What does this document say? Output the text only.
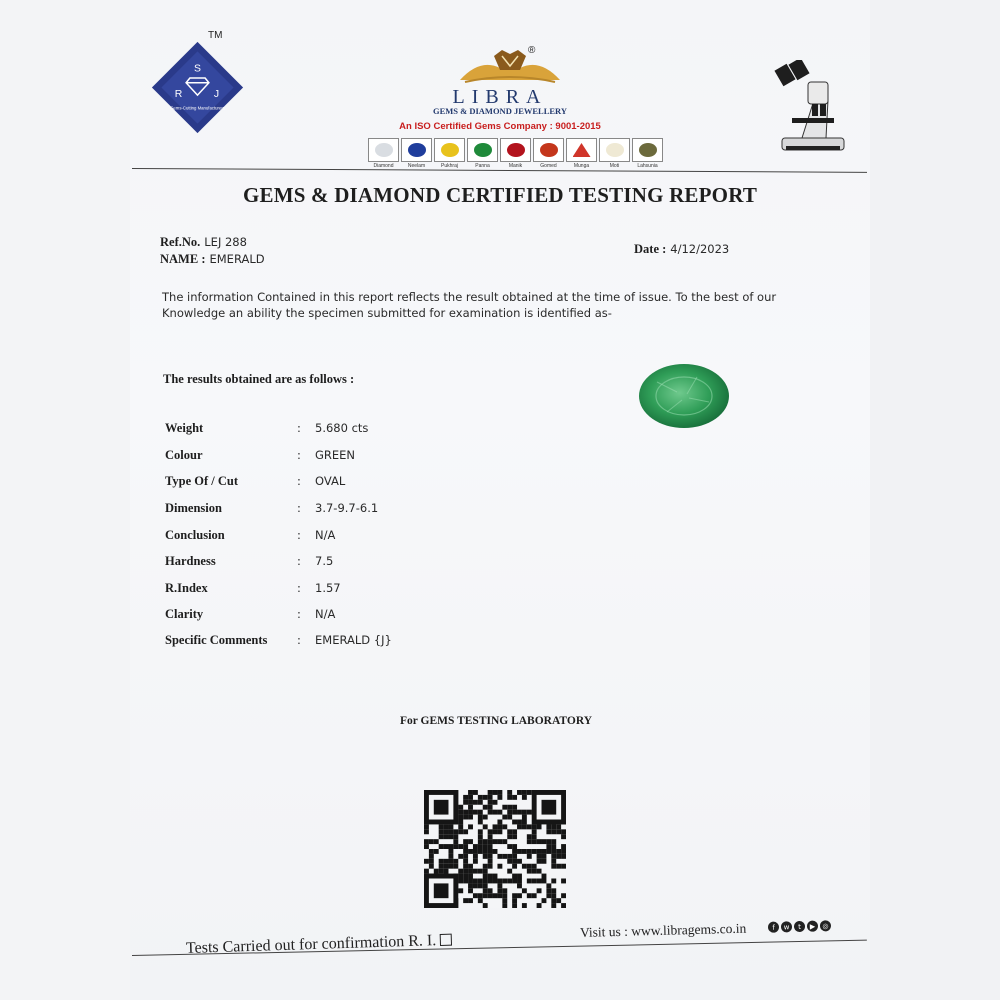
S
R	J
Gems-Cutting Manufacturers
TM
®
LIBRA
GEMS & DIAMOND JEWELLERY
An ISO Certified Gems Company : 9001-2015
Diamond	Neelam	Pukhraj	Panna	Manik	Gomed	Munga	Moti	Lahsunia
GEMS & DIAMOND CERTIFIED TESTING REPORT
Ref.No. LEJ 288
NAME : EMERALD
Date : 4/12/2023
The information Contained in this report reflects the result obtained at the time of issue. To the best of our Knowledge an ability the specimen submitted for examination is identified as-
The results obtained are as follows :
Weight	: 5.680 cts
Colour	: GREEN
Type Of / Cut	: OVAL
Dimension	: 3.7-9.7-6.1
Conclusion	: N/A
Hardness	: 7.5
R.Index	: 1.57
Clarity	: N/A
Specific Comments	: EMERALD {J}
For GEMS TESTING LABORATORY
Visit us : www.libragems.co.in	f	w	t	▶	◎
Tests Carried out for confirmation R. I.
